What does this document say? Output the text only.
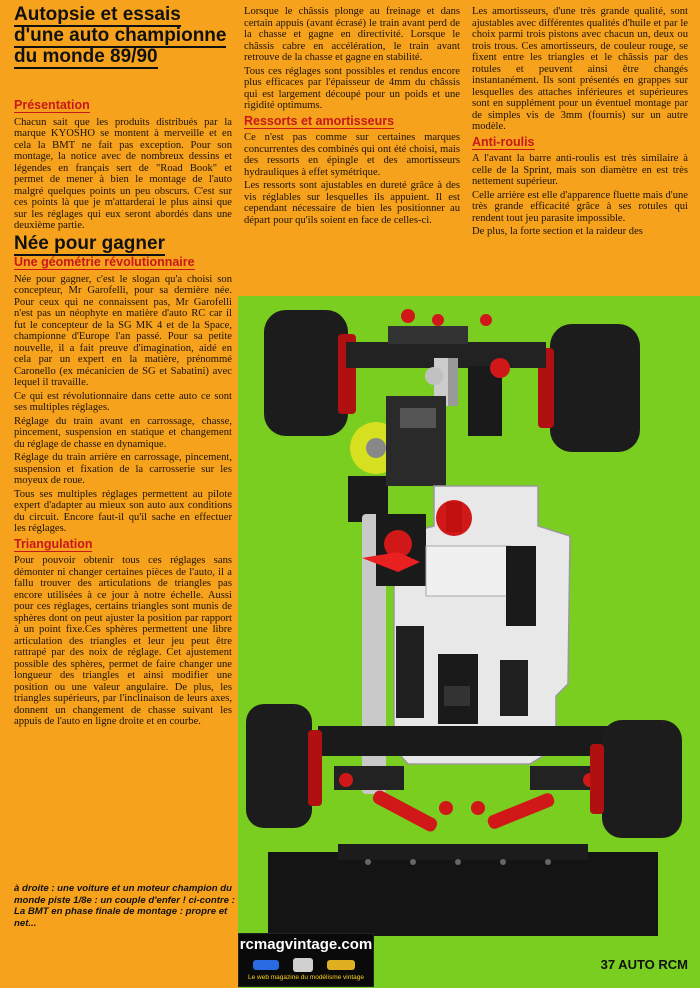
Autopsie et essais d'une auto championne du monde 89/90
Présentation

Chacun sait que les produits distribués par la marque KYOSHO se montent à merveille et en cela la BMT ne fait pas exception. Pour son montage, la notice avec de nombreux dessins et légendes en français sert de "Road Book" et permet de mener à bien le montage de l'auto malgré quelques points un peu obscurs. C'est sur ces points là que je m'attarderai le plus ainsi que sur les réglages qui eux seront abordés dans une deuxième partie.

Née pour gagner
Une géométrie révolutionnaire

Née pour gagner, c'est le slogan qu'a choisi son concepteur, Mr Garofelli, pour sa dernière née. Pour ceux qui ne connaissent pas, Mr Garofelli n'est pas un néophyte en matière d'auto RC car il fut le concepteur de la SG MK 4 et de la Space, championne d'Europe l'an passé. Pour sa petite nouvelle, il a fait preuve d'imagination, aidé en cela par un expert en la matière, prénommé Caronello (ex mécanicien de SG et Sabatini) avec lequel il travaille.

Ce qui est révolutionnaire dans cette auto ce sont ses multiples réglages.

Réglage du train avant en carrossage, chasse, pincement, suspension en statique et changement du réglage de chasse en dynamique.

Réglage du train arrière en carrossage, pincement, suspension et fixation de la carrosserie sur les moyeux de roue.

Tous ses multiples réglages permettent au pilote expert d'adapter au mieux son auto aux conditions du circuit. Encore faut-il qu'il sache en effectuer les réglages.

Triangulation

Pour pouvoir obtenir tous ces réglages sans démonter ni changer certaines pièces de l'auto, il a fallu trouver des articulations de triangles pas encore utilisées à ce jour à notre échelle. Aussi pour ces réglages, certains triangles sont munis de sphères dont on peut ajuster la position par rapport à un point fixe.Ces sphères permettent une libre articulation des triangles et leur jeu peut être rattrapé par des noix de réglage. Cet ajustement possible des sphères, permet de faire changer une longueur des triangles et ainsi modifier une position ou une valeur angulaire. De plus, les triangles supérieurs, par l'inclinaison de leurs axes, donnent un changement de chasse suivant les appuis de l'auto en ligne droite et en courbe.

à droite : une voiture et un moteur champion du monde piste 1/8e : un couple d'enfer ! ci-contre : La BMT en phase finale de montage : propre et net...

Lorsque le châssis plonge au freinage et dans certain appuis (avant écrasé) le train avant perd de la chasse et gagne en directivité. Lorsque le châssis cabre en accélération, le train avant retrouve de la chasse et gagne en stabilité.

Tous ces réglages sont possibles et rendus encore plus efficaces par l'épaisseur de 4mm du châssis qui est largement découpé pour un poids et une rigidité optimums.

Ressorts et amortisseurs

Ce n'est pas comme sur certaines marques concurrentes des combinés qui ont été choisi, mais des ressorts en épingle et des amortisseurs hydrauliques à effet symétrique.

Les ressorts sont ajustables en dureté grâce à des vis réglables sur lesquelles ils appuient. Il est cependant nécessaire de bien les positionner au départ pour qu'ils soient en face de celles-ci.

Les amortisseurs, d'une très grande qualité, sont ajustables avec différentes qualités d'huile et par le choix parmi trois pistons avec chacun un, deux ou trois trous. Ces amortisseurs, de couleur rouge, se fixent entre les triangles et le châssis par des rotules et peuvent ainsi être changés instantanément. Ils sont présentés en grappes sur lesquelles des attaches inférieures et supérieures sont en supplément pour un éventuel montage par de simples vis de 3mm (fournis) sur un autre modèle.

Anti-roulis

A l'avant la barre anti-roulis est très similaire à celle de la Sprint, mais son diamètre en est très nettement supérieur.

Celle arrière est elle d'apparence fluette mais d'une très grande efficacité grâce à ses rotules qui rendent tout jeu parasite impossible.

De plus, la forte section et la raideur des

rcmagvintage.com
Le web magazine du modélisme vintage
37 AUTO RCM
